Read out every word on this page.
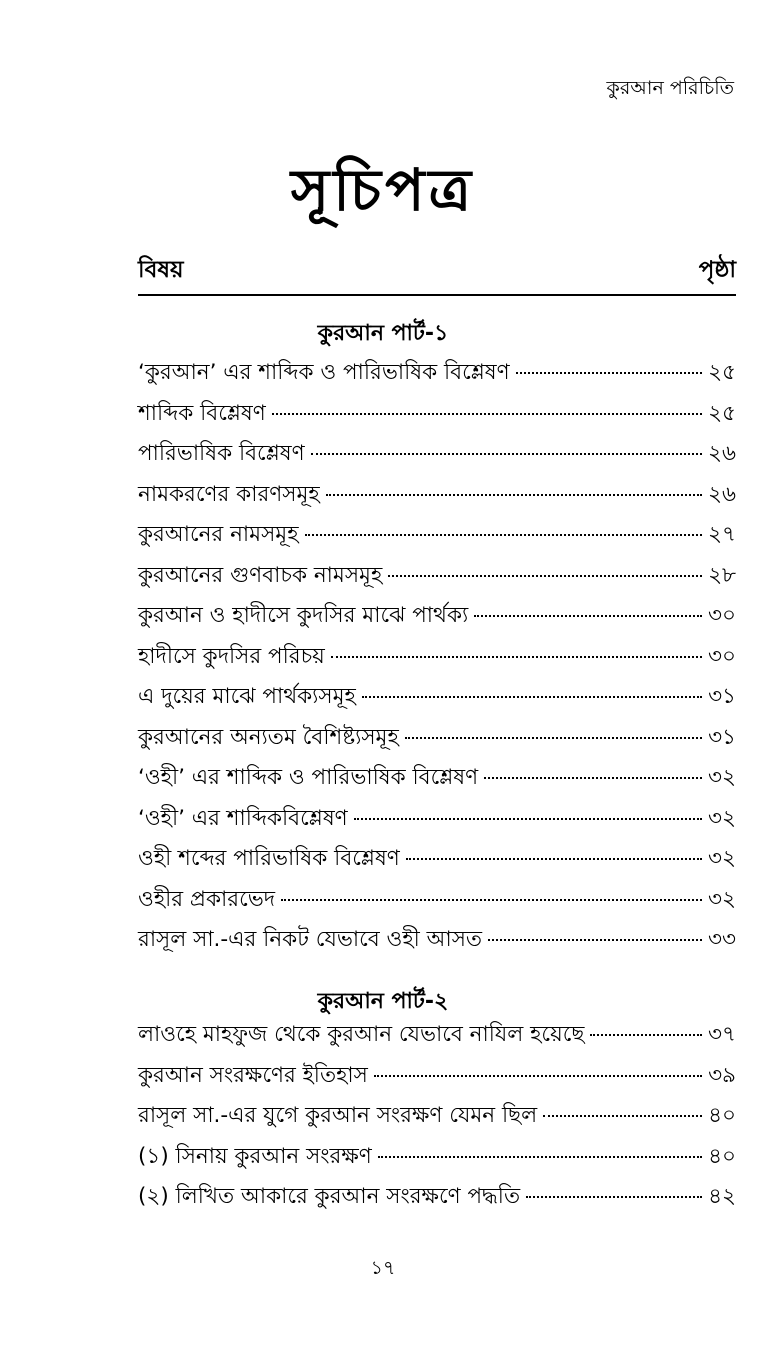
কুরআন পরিচিতি
সূচিপত্র
বিষয়	পৃষ্ঠা
কুরআন পার্ট-১
‘কুরআন’ এর শাব্দিক ও পারিভাষিক বিশ্লেষণ	২৫
শাব্দিক বিশ্লেষণ	২৫
পারিভাষিক বিশ্লেষণ	২৬
নামকরণের কারণসমূহ	২৬
কুরআনের নামসমূহ	২৭
কুরআনের গুণবাচক নামসমূহ	২৮
কুরআন ও হাদীসে কুদসির মাঝে পার্থক্য	৩০
হাদীসে কুদসির পরিচয়	৩০
এ দুয়ের মাঝে পার্থক্যসমূহ	৩১
কুরআনের অন্যতম বৈশিষ্ট্যসমূহ	৩১
‘ওহী’ এর শাব্দিক ও পারিভাষিক বিশ্লেষণ	৩২
‘ওহী’ এর শাব্দিকবিশ্লেষণ	৩২
ওহী শব্দের পারিভাষিক বিশ্লেষণ	৩২
ওহীর প্রকারভেদ	৩২
রাসূল সা.-এর নিকট যেভাবে ওহী আসত	৩৩
কুরআন পার্ট-২
লাওহে মাহফুজ থেকে কুরআন যেভাবে নাযিল হয়েছে	৩৭
কুরআন সংরক্ষণের ইতিহাস	৩৯
রাসূল সা.-এর যুগে কুরআন সংরক্ষণ যেমন ছিল	৪০
(১) সিনায় কুরআন সংরক্ষণ	৪০
(২) লিখিত আকারে কুরআন সংরক্ষণে পদ্ধতি	৪২
১৭
